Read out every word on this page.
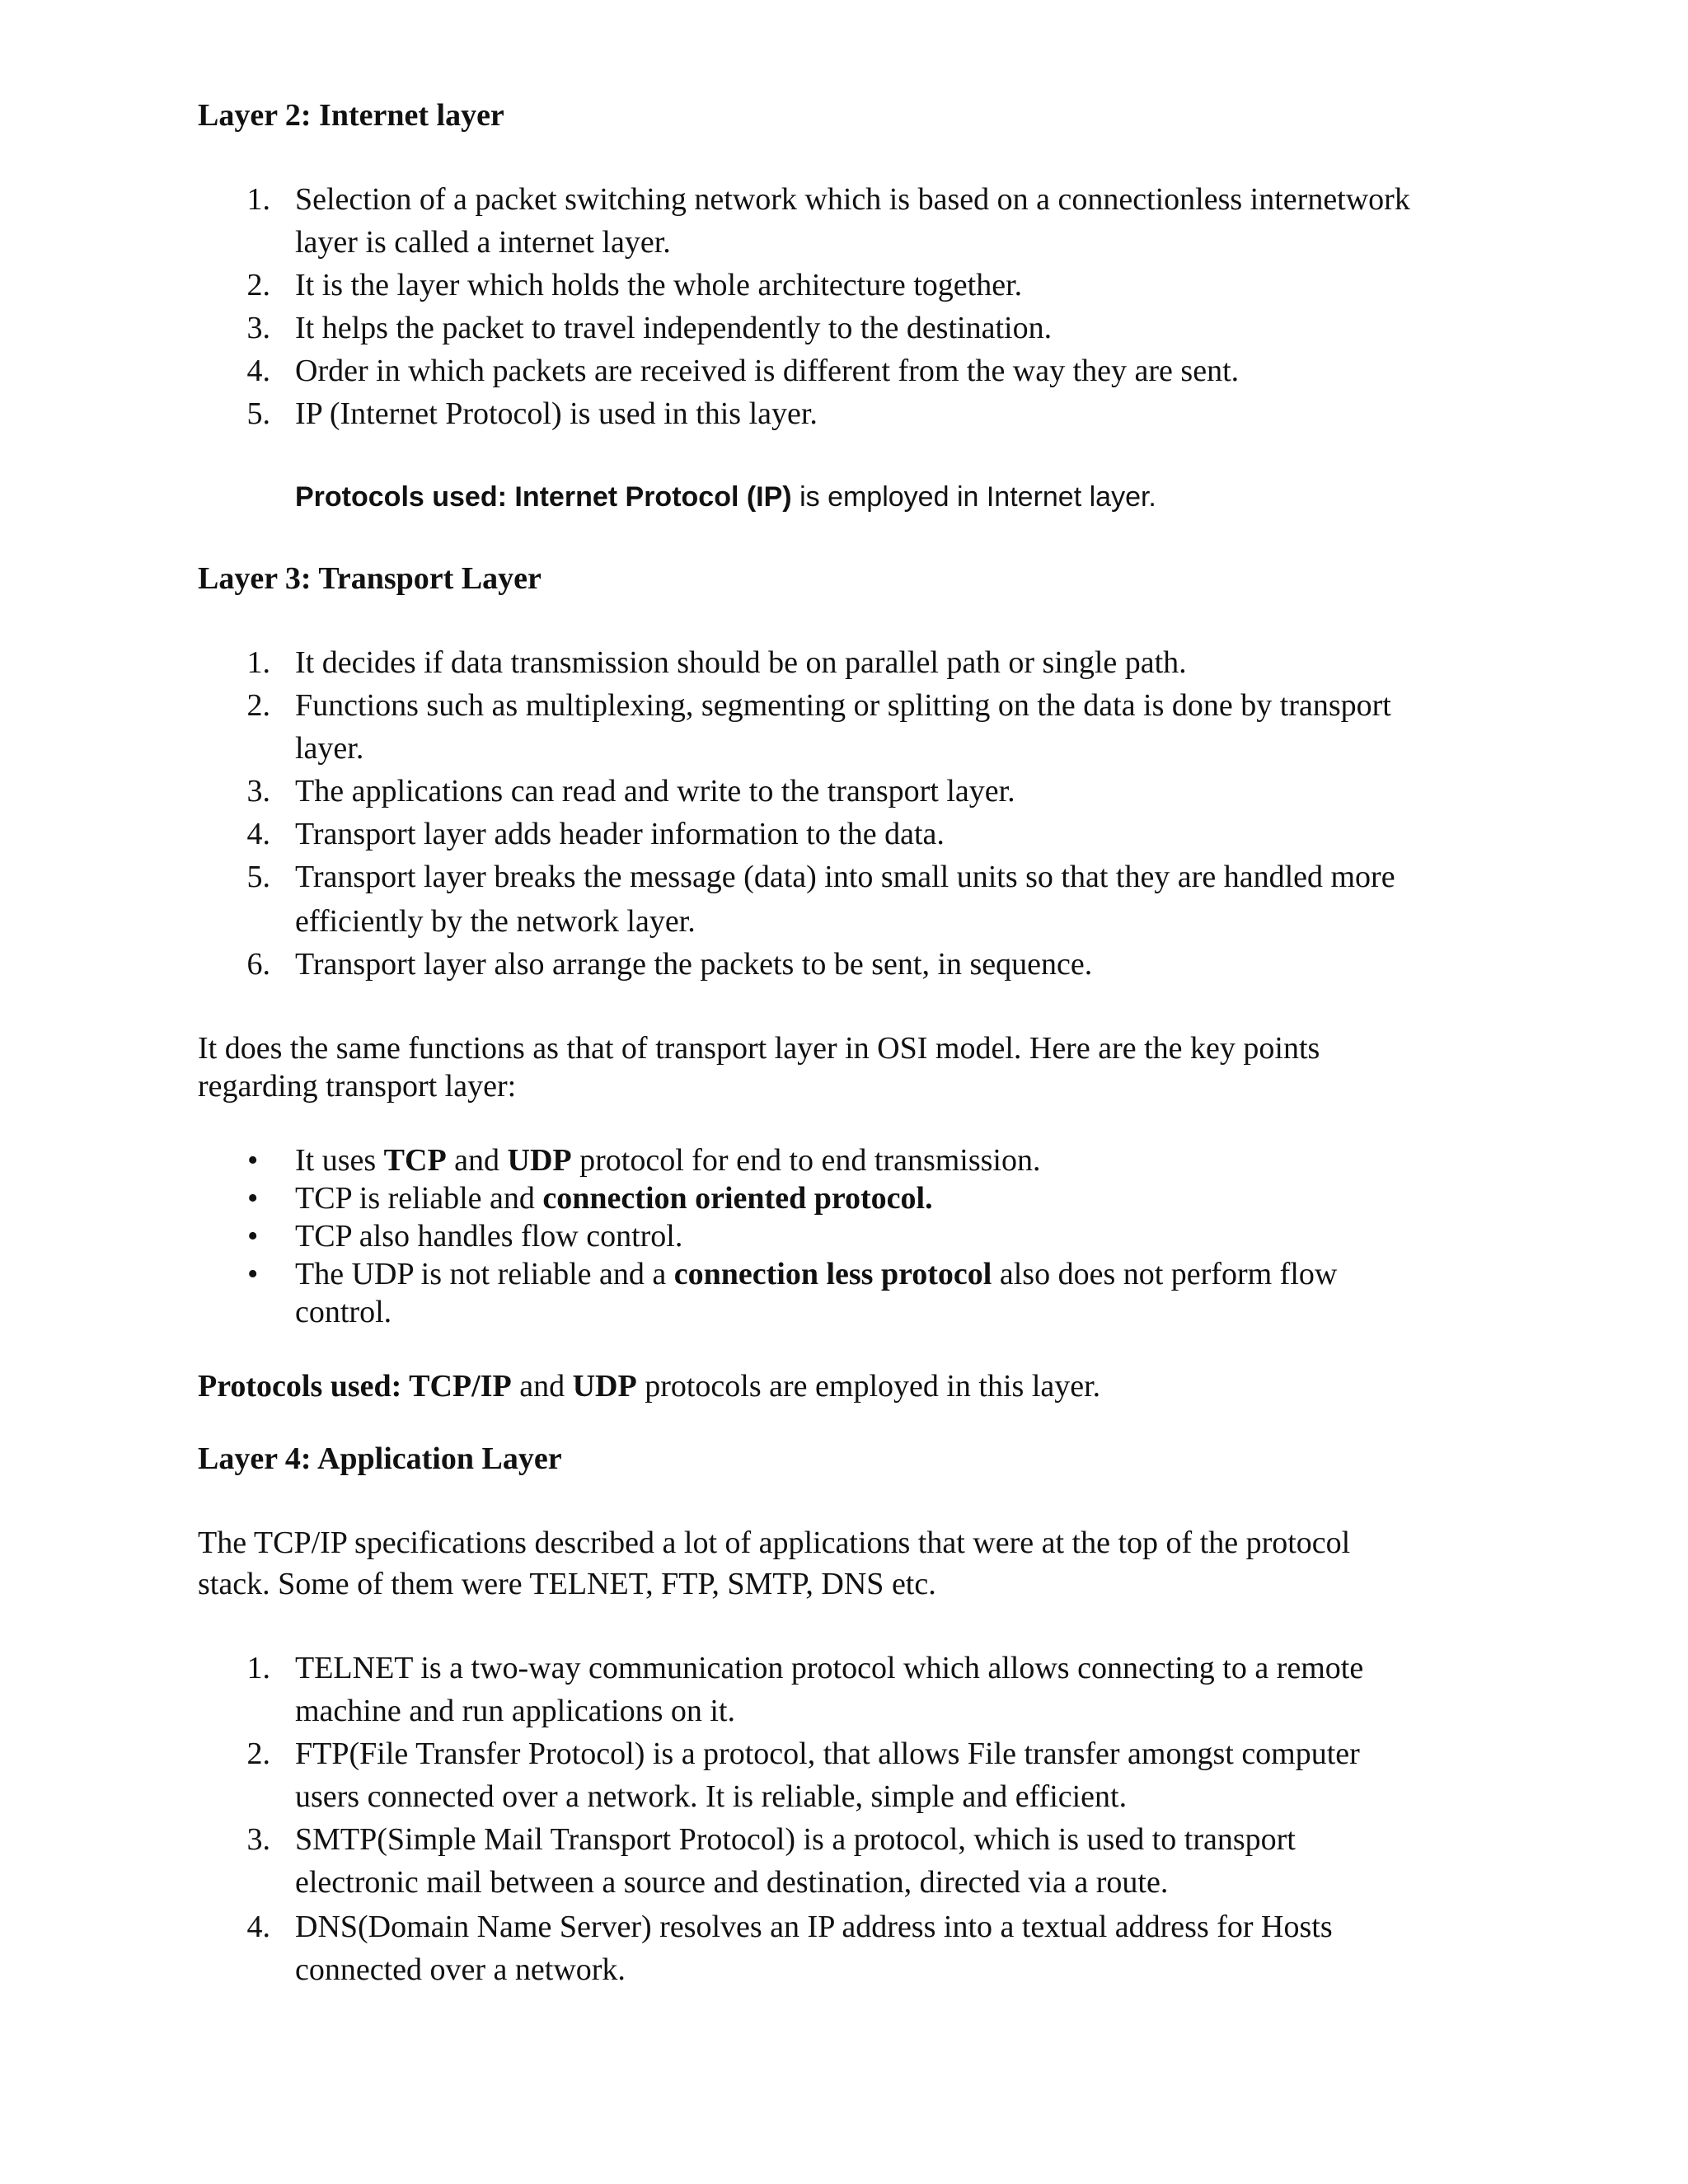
Layer 2: Internet layer
1. Selection of a packet switching network which is based on a connectionless internetwork
layer is called a internet layer.
2. It is the layer which holds the whole architecture together.
3. It helps the packet to travel independently to the destination.
4. Order in which packets are received is different from the way they are sent.
5. IP (Internet Protocol) is used in this layer.
Protocols used: Internet Protocol (IP) is employed in Internet layer.
Layer 3: Transport Layer
1. It decides if data transmission should be on parallel path or single path.
2. Functions such as multiplexing, segmenting or splitting on the data is done by transport
layer.
3. The applications can read and write to the transport layer.
4. Transport layer adds header information to the data.
5. Transport layer breaks the message (data) into small units so that they are handled more
efficiently by the network layer.
6. Transport layer also arrange the packets to be sent, in sequence.
It does the same functions as that of transport layer in OSI model. Here are the key points
regarding transport layer:
• It uses TCP and UDP protocol for end to end transmission.
• TCP is reliable and connection oriented protocol.
• TCP also handles flow control.
• The UDP is not reliable and a connection less protocol also does not perform flow
control.
Protocols used: TCP/IP and UDP protocols are employed in this layer.
Layer 4: Application Layer
The TCP/IP specifications described a lot of applications that were at the top of the protocol
stack. Some of them were TELNET, FTP, SMTP, DNS etc.
1. TELNET is a two-way communication protocol which allows connecting to a remote
machine and run applications on it.
2. FTP(File Transfer Protocol) is a protocol, that allows File transfer amongst computer
users connected over a network. It is reliable, simple and efficient.
3. SMTP(Simple Mail Transport Protocol) is a protocol, which is used to transport
electronic mail between a source and destination, directed via a route.
4. DNS(Domain Name Server) resolves an IP address into a textual address for Hosts
connected over a network.
